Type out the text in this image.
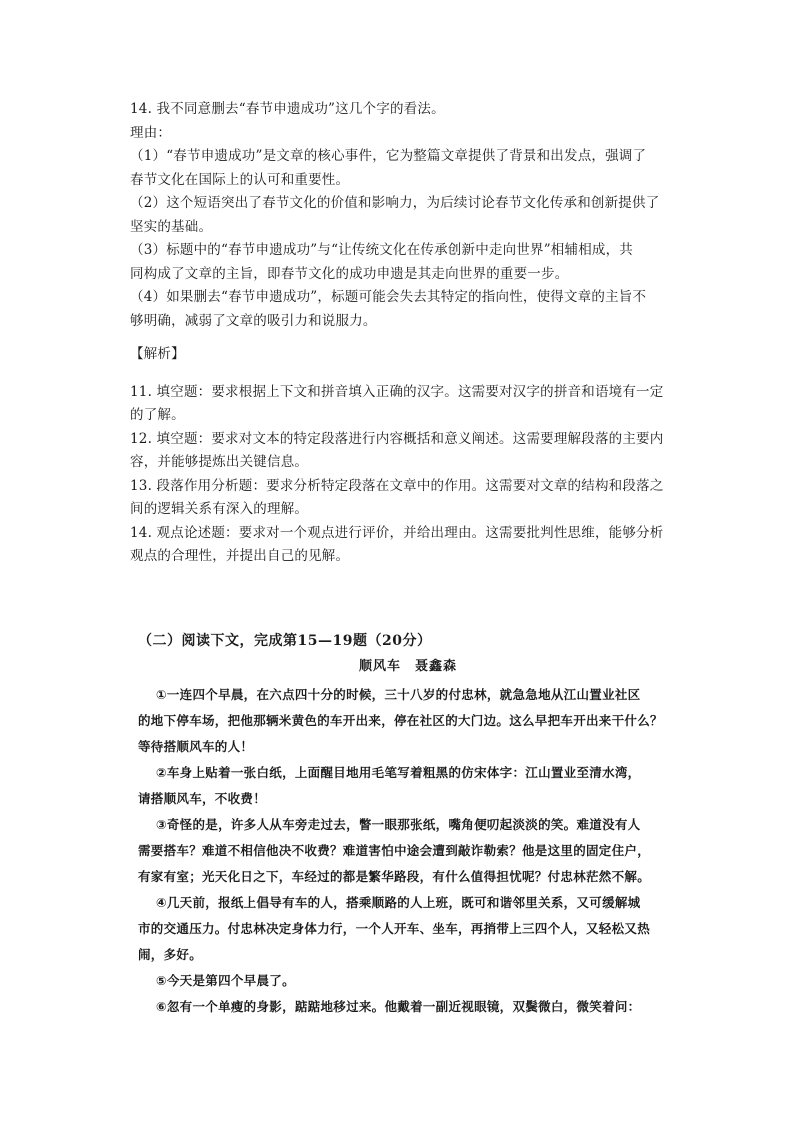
14. 我不同意删去“春节申遗成功”这几个字的看法。

理由：

（1）“春节申遗成功”是文章的核心事件，它为整篇文章提供了背景和出发点，强调了

春节文化在国际上的认可和重要性。

（2）这个短语突出了春节文化的价值和影响力，为后续讨论春节文化传承和创新提供了

坚实的基础。

（3）标题中的“春节申遗成功”与“让传统文化在传承创新中走向世界”相辅相成，共

同构成了文章的主旨，即春节文化的成功申遗是其走向世界的重要一步。

（4）如果删去“春节申遗成功”，标题可能会失去其特定的指向性，使得文章的主旨不

够明确，减弱了文章的吸引力和说服力。

【解析】

11. 填空题：要求根据上下文和拼音填入正确的汉字。这需要对汉字的拼音和语境有一定

的了解。

12. 填空题：要求对文本的特定段落进行内容概括和意义阐述。这需要理解段落的主要内

容，并能够提炼出关键信息。

13. 段落作用分析题：要求分析特定段落在文章中的作用。这需要对文章的结构和段落之

间的逻辑关系有深入的理解。

14. 观点论述题：要求对一个观点进行评价，并给出理由。这需要批判性思维，能够分析

观点的合理性，并提出自己的见解。

（二）阅读下文，完成第15—19题（20分）

顺风车 聂鑫森

①一连四个早晨，在六点四十分的时候，三十八岁的付忠林，就急急地从江山置业社区

的地下停车场，把他那辆米黄色的车开出来，停在社区的大门边。这么早把车开出来干什么？

等待搭顺风车的人！

②车身上贴着一张白纸，上面醒目地用毛笔写着粗黑的仿宋体字：江山置业至清水湾，

请搭顺风车，不收费！

③奇怪的是，许多人从车旁走过去，瞥一眼那张纸，嘴角便叨起淡淡的笑。难道没有人

需要搭车？难道不相信他决不收费？难道害怕中途会遭到敲诈勒索？他是这里的固定住户，

有家有室；光天化日之下，车经过的都是繁华路段，有什么值得担忧呢？付忠林茫然不解。

④几天前，报纸上倡导有车的人，搭乘顺路的人上班，既可和谐邻里关系，又可缓解城

市的交通压力。付忠林决定身体力行，一个人开车、坐车，再捎带上三四个人，又轻松又热

闹，多好。

⑤今天是第四个早晨了。

⑥忽有一个单瘦的身影，踮踮地移过来。他戴着一副近视眼镜，双鬓微白，微笑着问：
